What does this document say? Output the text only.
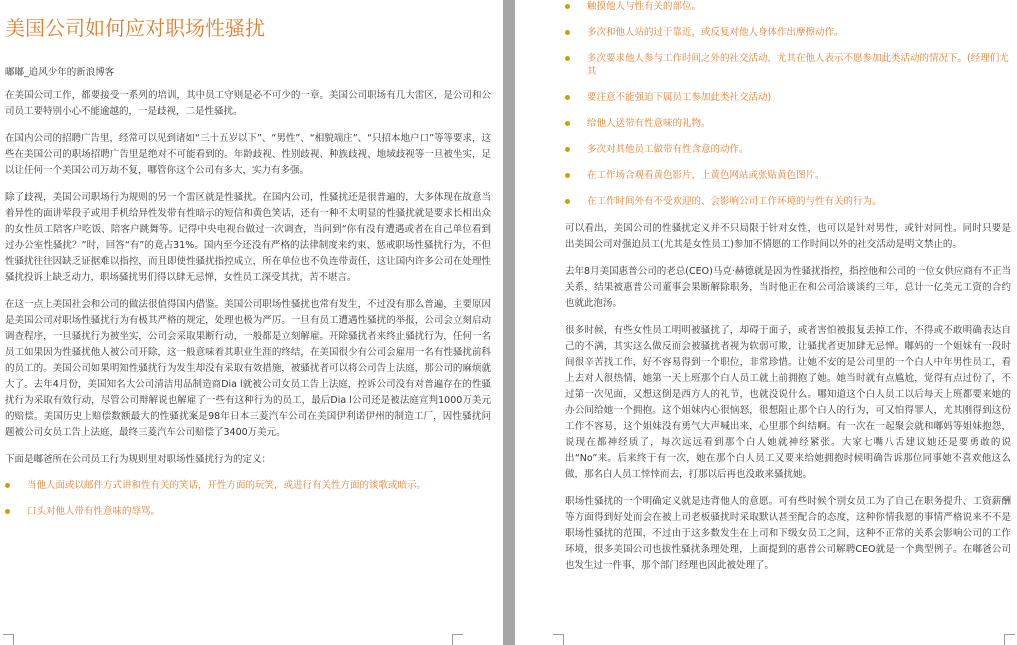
美国公司如何应对职场性骚扰
嘟嘟_追风少年的新浪博客

在美国公司工作，都要接受一系列的培训，其中员工守则是必不可少的一章。美国公司职场有几大雷区，是公司和公司员工要特别小心不能逾越的，一是歧视，二是性骚扰。

在国内公司的招聘广告里，经常可以见到诸如“三十五岁以下”、“男性”、“相貌端庄”、“只招本地户口”等等要求，这些在美国公司的职场招聘广告里是绝对不可能看到的。年龄歧视、性别歧视、种族歧视、地域歧视等一旦被坐实，足以让任何一个美国公司万劫不复，哪管你这个公司有多大，实力有多强。

除了歧视，美国公司职场行为规则的另一个雷区就是性骚扰。在国内公司，性骚扰还是很普遍的，大多体现在故意当着异性的面讲荤段子或用手机给异性发带有性暗示的短信和黄色笑话，还有一种不太明显的性骚扰就是要求长相出众的女性员工陪客户吃饭、陪客户跳舞等。记得中央电视台做过一次调查，当问到“你有没有遭遇或者在自己单位看到过办公室性骚扰？”时，回答“有”的竟占31%。国内至今还没有严格的法律制度来约束、惩戒职场性骚扰行为，不但性骚扰往往因缺乏证据难以指控，而且即使性骚扰指控成立，所在单位也不负连带责任，这让国内许多公司在处理性骚扰投诉上缺乏动力，职场骚扰男们得以肆无忌惮，女性员工深受其扰，苦不堪言。

在这一点上美国社会和公司的做法很值得国内借鉴。美国公司职场性骚扰也常有发生，不过没有那么普遍，主要原因是美国公司对职场性骚扰行为有极其严格的规定，处理也极为严厉。一旦有员工遭遇性骚扰的举报，公司会立刻启动调查程序，一旦骚扰行为被坐实，公司会采取果断行动，一般都是立刻解雇。开除骚扰者来终止骚扰行为，任何一名员工如果因为性骚扰他人被公司开除，这一般意味着其职业生涯的终结，在美国很少有公司会雇用一名有性骚扰前科的员工的。美国公司如果明知性骚扰行为发生却没有采取有效措施，被骚扰者可以将公司告上法庭，那公司的麻烦就大了。去年4月份，美国知名大公司清洁用品制造商Dia l就被公司女员工告上法庭，控诉公司没有对普遍存在的性骚扰行为采取有效行动，尽管公司辩解说也解雇了一些有这种行为的员工，最后Dia l公司还是被法庭宣判1000万美元的赔偿。美国历史上赔偿数额最大的性骚扰案是98年日本三菱汽车公司在美国伊利诺伊州的制造工厂，因性骚扰问题被公司女员工告上法庭，最终三菱汽车公司赔偿了3400万美元。

下面是嘟爸所在公司员工行为规则里对职场性骚扰行为的定义：

当他人面或以邮件方式讲和性有关的笑话，开性方面的玩笑，或进行有关性方面的谈歌或暗示。
口头对他人带有性意味的辱骂。
触摸他人与性有关的部位。
多次和他人站的过于靠近，或反复对他人身体作出摩擦动作。
多次要求他人参与工作时间之外的社交活动，尤其在他人表示不愿参加此类活动的情况下。(经理们尤其
要注意不能强迫下属员工参加此类社交活动)
给他人送带有性意味的礼物。
多次对其他员工做带有性含意的动作。
在工作场合观看黄色影片，上黄色网站或张贴黄色图片。
在工作时间外有不受欢迎的、会影响公司工作环境的与性有关的行为。

可以看出，美国公司的性骚扰定义并不只局限于针对女性，也可以是针对男性，或针对同性。同时只要是出美国公司对强迫员工(尤其是女性员工)参加不情愿的工作时间以外的社交活动是明文禁止的。

去年8月美国惠普公司的老总(CEO)马克·赫德就是因为性骚扰指控，指控他和公司的一位女供应商有不正当关系，结果被惠普公司董事会果断解除职务，当时他正在和公司洽谈谈约三年，总计一亿美元工资的合约也就此泡汤。

很多时候，有些女性员工明明被骚扰了，却碍于面子，或者害怕被报复丢掉工作，不得或不敢明确表达自己的不满，其实这么做反而会被骚扰者视为软弱可欺，让骚扰者更加肆无忌惮。嘟妈的一个姐妹有一段时间很辛苦找工作，好不容易得到一个职位，非常珍惜。让她不安的是公司里的一个白人中年男性员工，看上去对人很热情，她第一天上班那个白人员工就上前拥抱了她。她当时就有点尴尬，觉得有点过份了，不过第一次见面，又想这倒是西方人的礼节，也就没说什么。哪知道这个白人员工以后每天上班都要来她的办公间给她一个拥抱。这个姐妹内心很恼怒，很想阻止那个白人的行为，可又怕得罪人，尤其刚得到这份工作不容易，这个姐妹没有勇气大声喊出来，心里那个纠结啊。有一次在一起聚会就和嘟妈等姐妹抱怨，说现在都神经质了，每次远远看到那个白人她就神经紧张。大家七嘴八舌建议她还是要勇敢的说出“No”来。后来终于有一次，她在那个白人员工又要来给她拥抱时候明确告诉那位同事她不喜欢他这么做，那名白人员工悻悻而去，打那以后再也没敢来骚扰她。

职场性骚扰的一个明确定义就是违背他人的意愿。可有些时候个别女员工为了自己在职务提升、工资薪酬等方面得到好处而会在被上司老板骚扰时采取默认甚至配合的态度，这种你情我愿的事情严格说来不不是职场性骚扰的范围，不过由于这多数发生在上司和下级女员工之间，这种不正常的关系会影响公司的工作环境，很多美国公司也拔性骚扰条理处理，上面提到的惠普公司解聘CEO就是一个典型例子。在嘟爸公司也发生过一件事，那个部门经理也因此被处理了。
